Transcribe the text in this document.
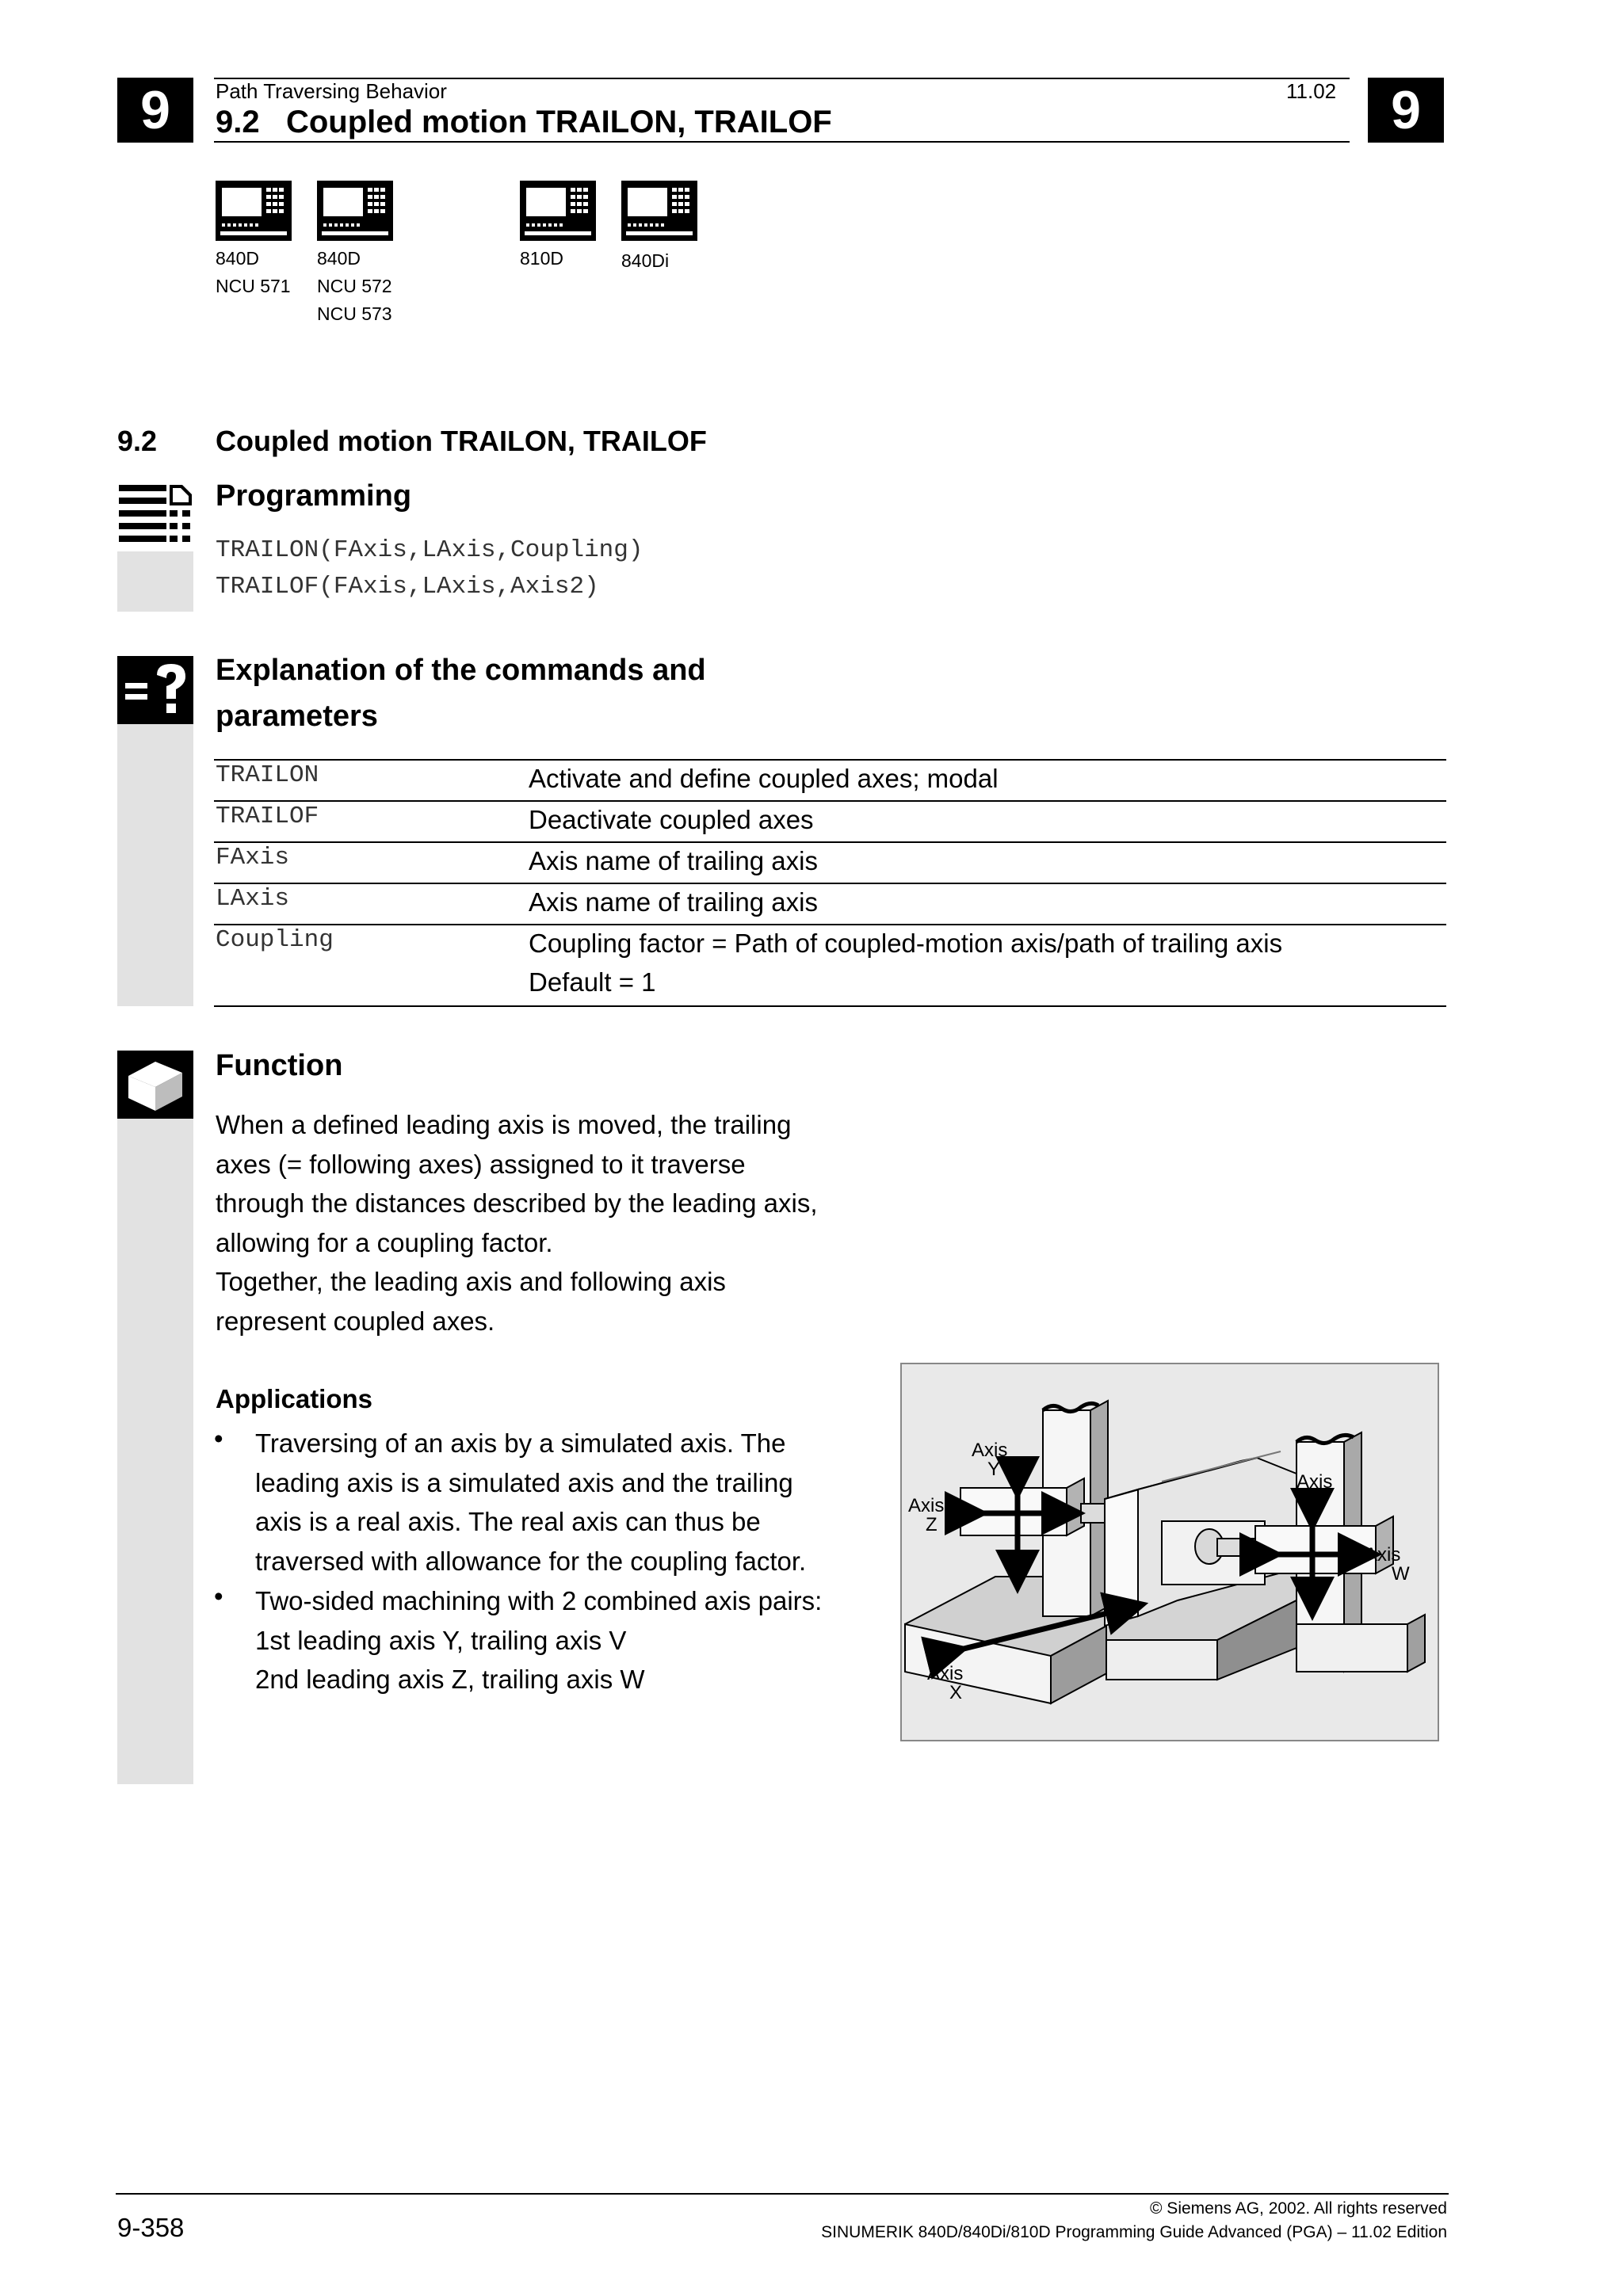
9	9
Path Traversing Behavior	11.02
9.2   Coupled motion TRAILON, TRAILOF
840D
NCU 571
840D
NCU 572
NCU 573
810D	840Di
9.2 Coupled motion TRAILON, TRAILOF
Programming
TRAILON(FAxis,LAxis,Coupling)
TRAILOF(FAxis,LAxis,Axis2)
Explanation of the commands and
parameters
TRAILON	Activate and define coupled axes; modal
TRAILOF	Deactivate coupled axes
FAxis	Axis name of trailing axis
LAxis	Axis name of trailing axis
Coupling	Coupling factor = Path of coupled-motion axis/path of trailing axis
Default = 1
Function
When a defined leading axis is moved, the trailing
axes (= following axes) assigned to it traverse
through the distances described by the leading axis,
allowing for a coupling factor.
Together, the leading axis and following axis
represent coupled axes.
Applications
• Traversing of an axis by a simulated axis. The
leading axis is a simulated axis and the trailing
axis is a real axis. The real axis can thus be
traversed with allowance for the coupling factor.
• Two-sided machining with 2 combined axis pairs:
1st leading axis Y, trailing axis V
2nd leading axis Z, trailing axis W
Axis
Y
Axis
Z
Axis
V
Axis
W
Axis
X
9-358
© Siemens AG, 2002. All rights reserved
SINUMERIK 840D/840Di/810D Programming Guide Advanced (PGA) – 11.02 Edition
